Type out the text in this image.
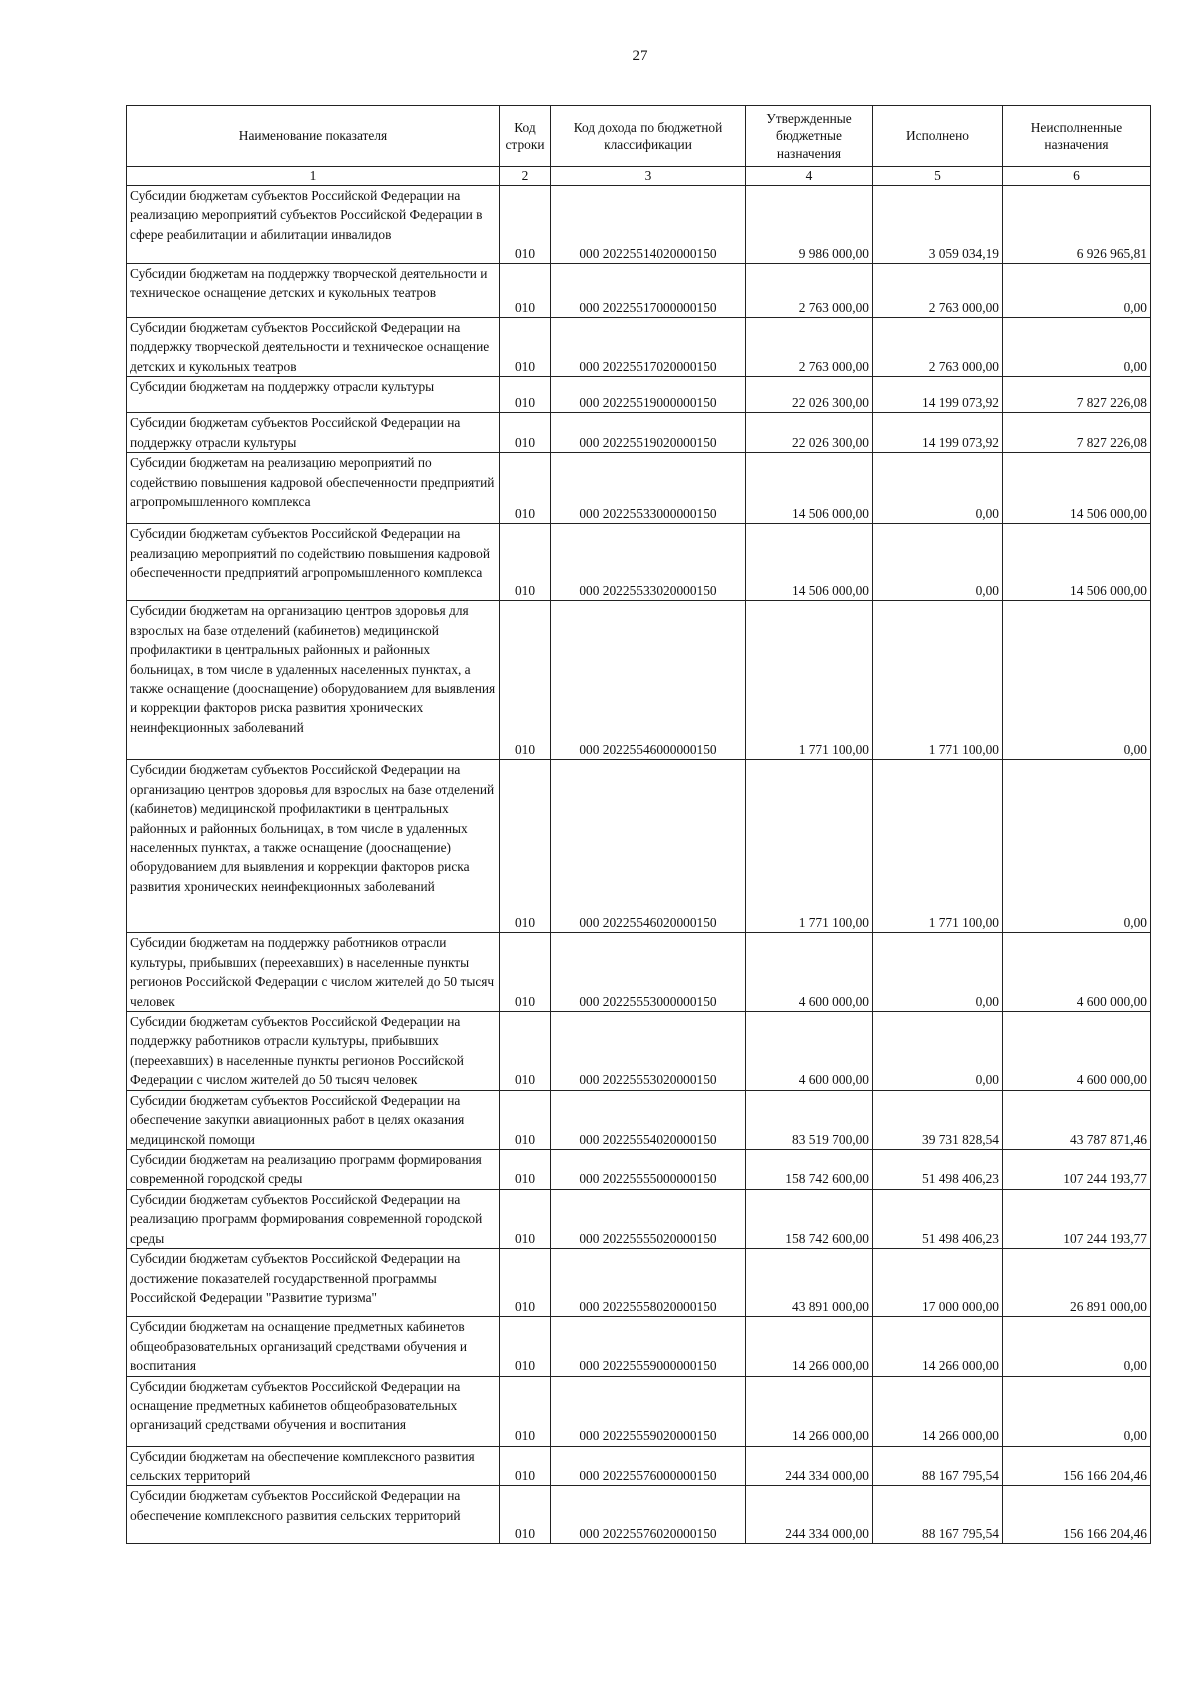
27
Наименование показателя	Код строки	Код дохода по бюджетной классификации	Утвержденные бюджетные назначения	Исполнено	Неисполненные назначения
1	2	3	4	5	6
Субсидии бюджетам субъектов Российской Федерации на реализацию мероприятий субъектов Российской Федерации в сфере реабилитации и абилитации инвалидов	010	000 20225514020000150	9 986 000,00	3 059 034,19	6 926 965,81
Субсидии бюджетам на поддержку творческой деятельности и техническое оснащение детских и кукольных театров	010	000 20225517000000150	2 763 000,00	2 763 000,00	0,00
Субсидии бюджетам субъектов Российской Федерации на поддержку творческой деятельности и техническое оснащение детских и кукольных театров	010	000 20225517020000150	2 763 000,00	2 763 000,00	0,00
Субсидии бюджетам на поддержку отрасли культуры	010	000 20225519000000150	22 026 300,00	14 199 073,92	7 827 226,08
Субсидии бюджетам субъектов Российской Федерации на поддержку отрасли культуры	010	000 20225519020000150	22 026 300,00	14 199 073,92	7 827 226,08
Субсидии бюджетам на реализацию мероприятий по содействию повышения кадровой обеспеченности предприятий агропромышленного комплекса	010	000 20225533000000150	14 506 000,00	0,00	14 506 000,00
Субсидии бюджетам субъектов Российской Федерации на реализацию мероприятий по содействию повышения кадровой обеспеченности предприятий агропромышленного комплекса	010	000 20225533020000150	14 506 000,00	0,00	14 506 000,00
Субсидии бюджетам на организацию центров здоровья для взрослых на базе отделений (кабинетов) медицинской профилактики в центральных районных и районных больницах, в том числе в удаленных населенных пунктах, а также оснащение (дооснащение) оборудованием для выявления и коррекции факторов риска развития хронических неинфекционных заболеваний	010	000 20225546000000150	1 771 100,00	1 771 100,00	0,00
Субсидии бюджетам субъектов Российской Федерации на организацию центров здоровья для взрослых на базе отделений (кабинетов) медицинской профилактики в центральных районных и районных больницах, в том числе в удаленных населенных пунктах, а также оснащение (дооснащение) оборудованием для выявления и коррекции факторов риска развития хронических неинфекционных заболеваний	010	000 20225546020000150	1 771 100,00	1 771 100,00	0,00
Субсидии бюджетам на поддержку работников отрасли культуры, прибывших (переехавших) в населенные пункты регионов Российской Федерации с числом жителей до 50 тысяч человек	010	000 20225553000000150	4 600 000,00	0,00	4 600 000,00
Субсидии бюджетам субъектов Российской Федерации на поддержку работников отрасли культуры, прибывших (переехавших) в населенные пункты регионов Российской Федерации с числом жителей до 50 тысяч человек	010	000 20225553020000150	4 600 000,00	0,00	4 600 000,00
Субсидии бюджетам субъектов Российской Федерации на обеспечение закупки авиационных работ в целях оказания медицинской помощи	010	000 20225554020000150	83 519 700,00	39 731 828,54	43 787 871,46
Субсидии бюджетам на реализацию программ формирования современной городской среды	010	000 20225555000000150	158 742 600,00	51 498 406,23	107 244 193,77
Субсидии бюджетам субъектов Российской Федерации на реализацию программ формирования современной городской среды	010	000 20225555020000150	158 742 600,00	51 498 406,23	107 244 193,77
Субсидии бюджетам субъектов Российской Федерации на достижение показателей государственной программы Российской Федерации "Развитие туризма"	010	000 20225558020000150	43 891 000,00	17 000 000,00	26 891 000,00
Субсидии бюджетам на оснащение предметных кабинетов общеобразовательных организаций средствами обучения и воспитания	010	000 20225559000000150	14 266 000,00	14 266 000,00	0,00
Субсидии бюджетам субъектов Российской Федерации на оснащение предметных кабинетов общеобразовательных организаций средствами обучения и воспитания	010	000 20225559020000150	14 266 000,00	14 266 000,00	0,00
Субсидии бюджетам на обеспечение комплексного развития сельских территорий	010	000 20225576000000150	244 334 000,00	88 167 795,54	156 166 204,46
Субсидии бюджетам субъектов Российской Федерации на обеспечение комплексного развития сельских территорий	010	000 20225576020000150	244 334 000,00	88 167 795,54	156 166 204,46
